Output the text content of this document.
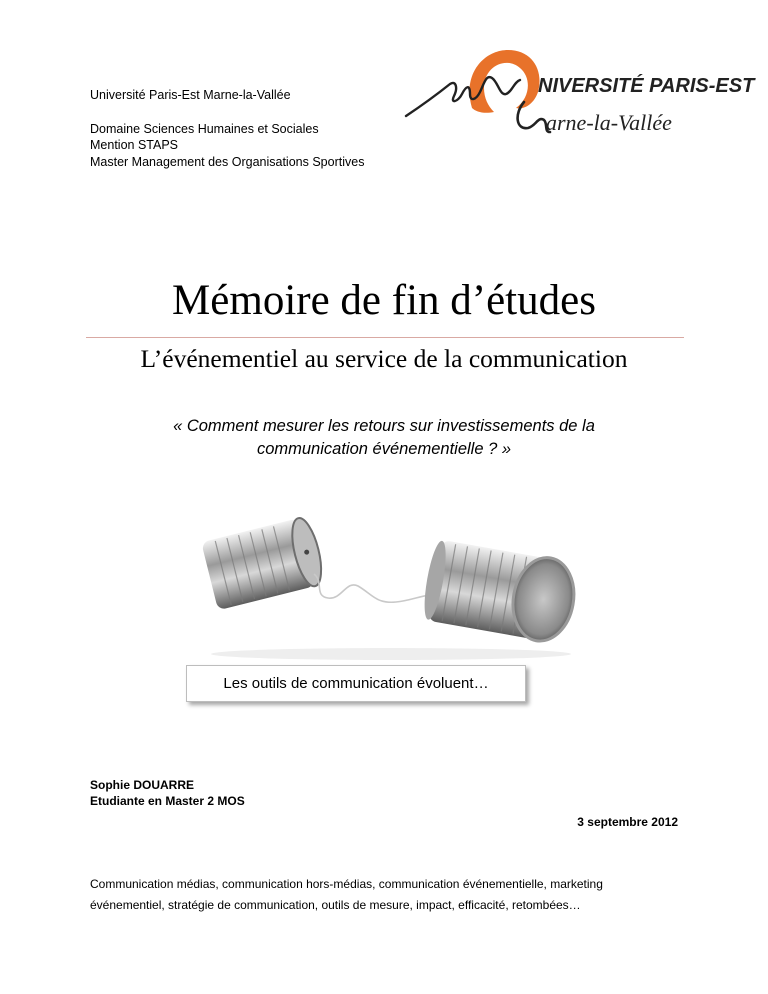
Université Paris-Est Marne-la-Vallée
Domaine Sciences Humaines et Sociales
Mention STAPS
Master Management des Organisations Sportives
NIVERSITÉ PARIS-EST
arne-la-Vallée
Mémoire de fin d’études
L’événementiel au service de la communication
« Comment mesurer les retours sur investissements de la
communication événementielle ? »
Les outils de communication évoluent…
Sophie DOUARRE
Etudiante en Master 2 MOS
3 septembre 2012
Communication médias, communication hors-médias, communication événementielle, marketing
événementiel, stratégie de communication, outils de mesure, impact, efficacité, retombées…
